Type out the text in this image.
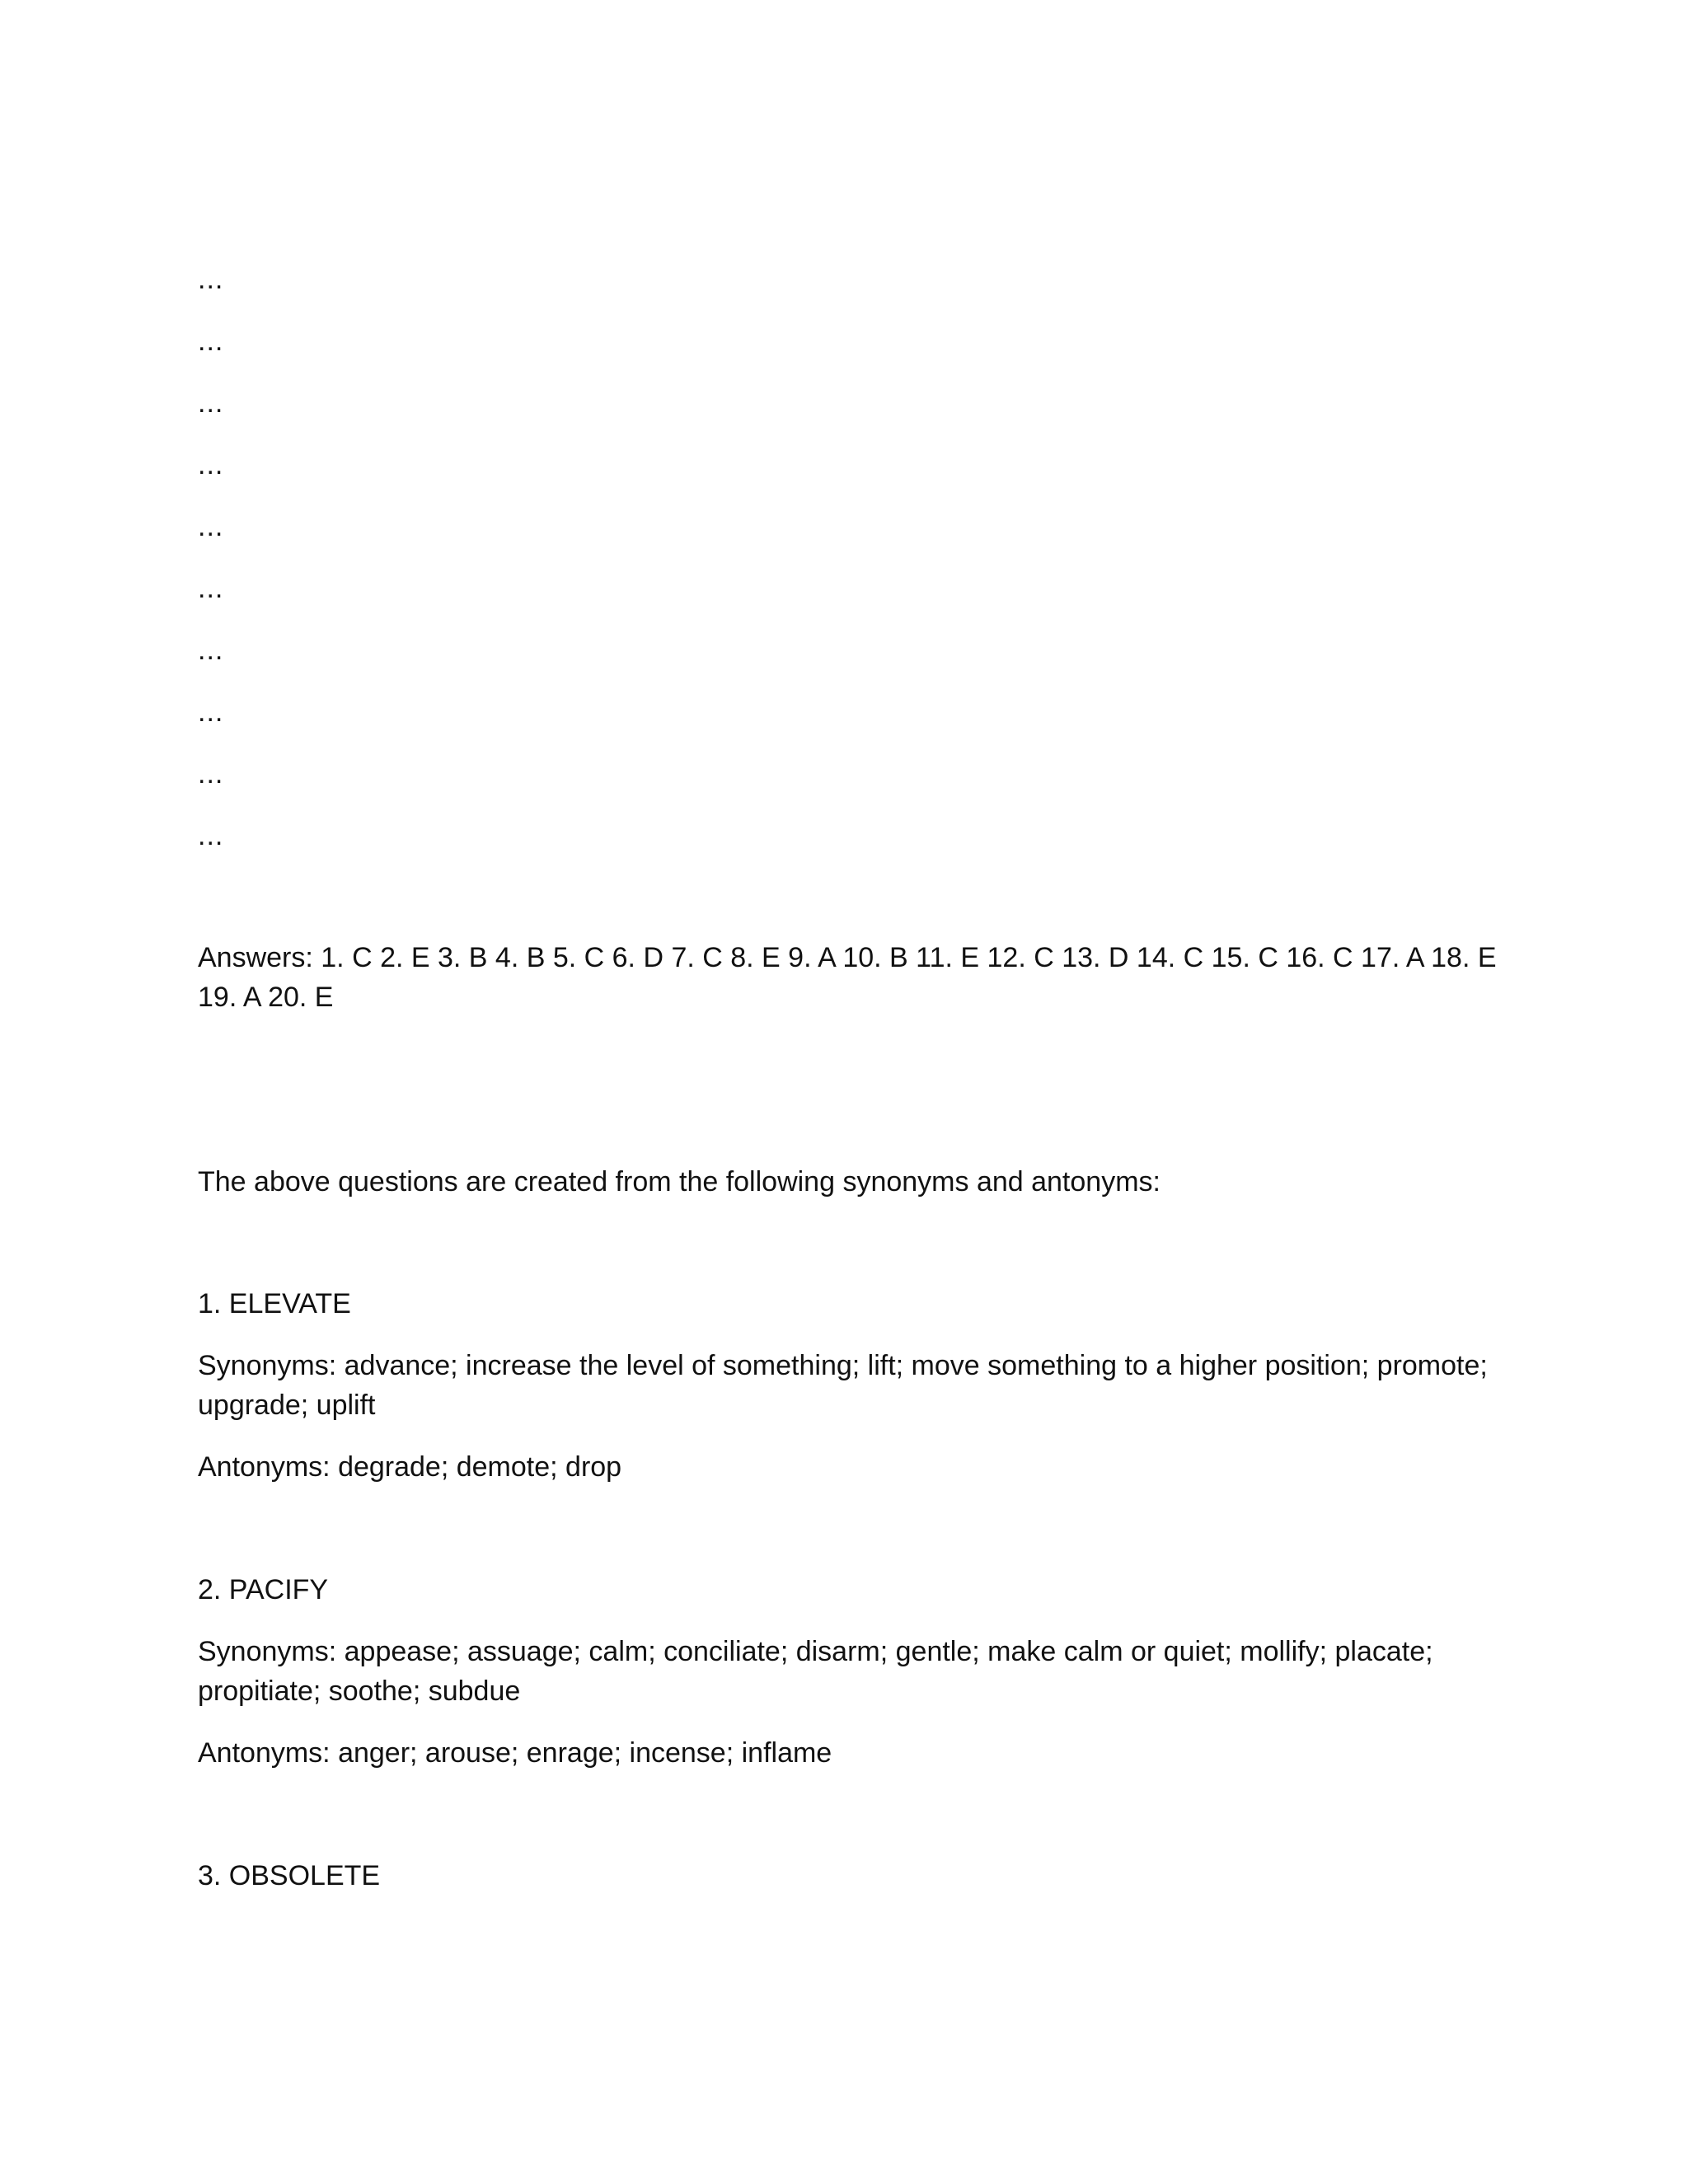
...
...
...
...
...
...
...
...
...
...
Answers: 1. C 2. E 3. B 4. B 5. C 6. D 7. C 8. E 9. A 10. B 11. E 12. C 13. D 14. C 15. C 16. C 17. A 18. E 19. A 20. E
The above questions are created from the following synonyms and antonyms:
1. ELEVATE
Synonyms: advance; increase the level of something; lift; move something to a higher position; promote; upgrade; uplift
Antonyms: degrade; demote; drop
2. PACIFY
Synonyms: appease; assuage; calm; conciliate; disarm; gentle; make calm or quiet; mollify; placate; propitiate; soothe; subdue
Antonyms: anger; arouse; enrage; incense; inflame
3. OBSOLETE
